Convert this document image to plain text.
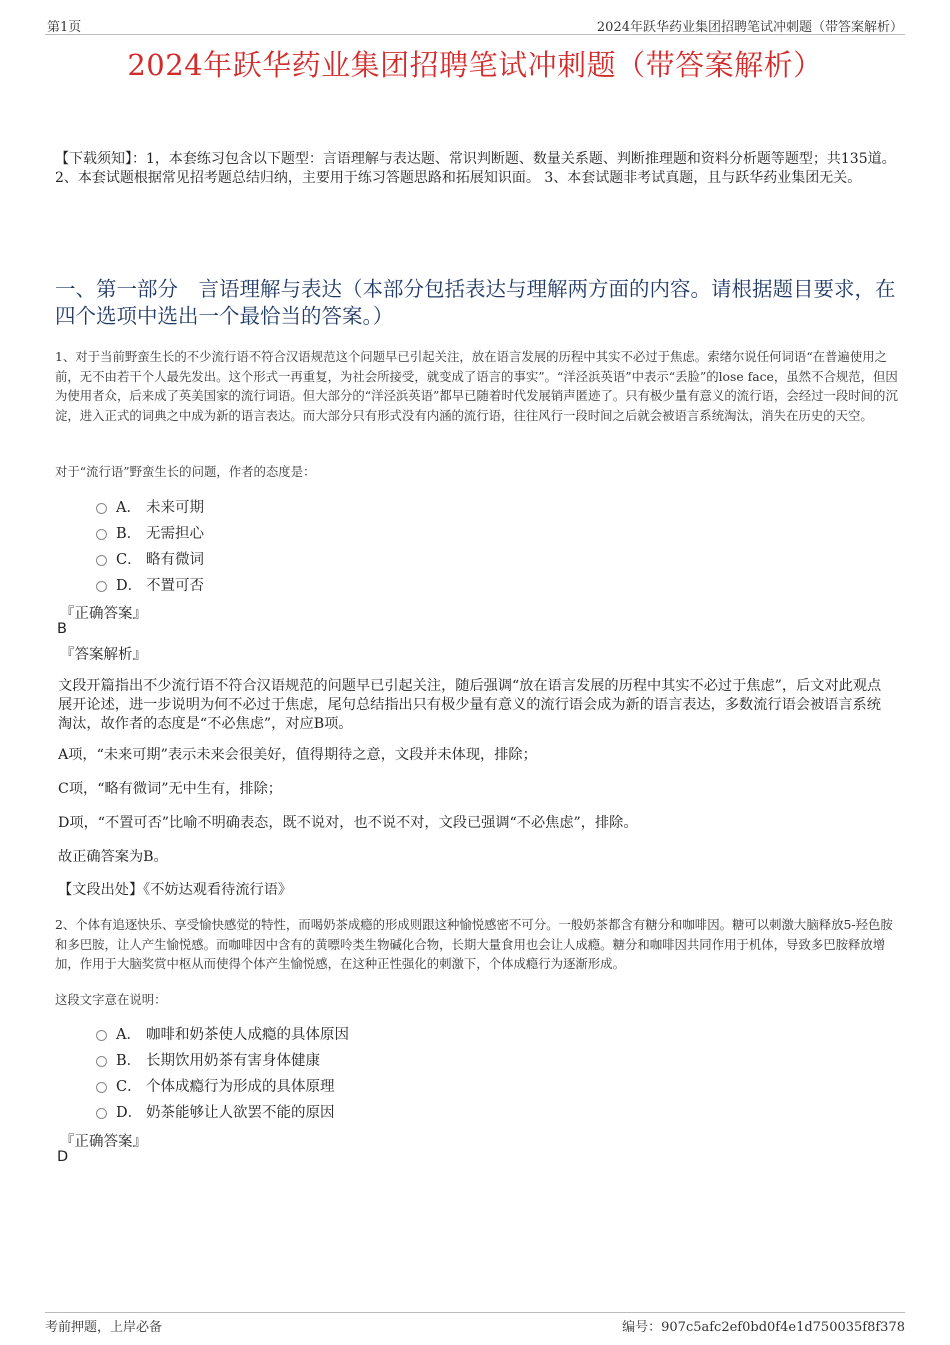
第1页	2024年跃华药业集团招聘笔试冲刺题（带答案解析）
2024年跃华药业集团招聘笔试冲刺题（带答案解析）
【下载须知】：1，本套练习包含以下题型：言语理解与表达题、常识判断题、数量关系题、判断推理题和资料分析题等题型；共135道。 2、本套试题根据常见招考题总结归纳，主要用于练习答题思路和拓展知识面。 3、本套试题非考试真题，且与跃华药业集团无关。
一、第一部分　言语理解与表达（本部分包括表达与理解两方面的内容。请根据题目要求，在四个选项中选出一个最恰当的答案。）
1、对于当前野蛮生长的不少流行语不符合汉语规范这个问题早已引起关注，放在语言发展的历程中其实不必过于焦虑。索绪尔说任何词语“在普遍使用之前，无不由若干个人最先发出。这个形式一再重复，为社会所接受，就变成了语言的事实”。“洋泾浜英语”中表示“丢脸”的lose face，虽然不合规范，但因为使用者众，后来成了英美国家的流行词语。但大部分的“洋泾浜英语”都早已随着时代发展销声匿迹了。只有极少量有意义的流行语，会经过一段时间的沉淀，进入正式的词典之中成为新的语言表达。而大部分只有形式没有内涵的流行语，往往风行一段时间之后就会被语言系统淘汰，消失在历史的天空。
对于“流行语”野蛮生长的问题，作者的态度是：
A． 未来可期
B． 无需担心
C． 略有微词
D． 不置可否
『正确答案』
B
『答案解析』
文段开篇指出不少流行语不符合汉语规范的问题早已引起关注，随后强调“放在语言发展的历程中其实不必过于焦虑”，后文对此观点展开论述，进一步说明为何不必过于焦虑，尾句总结指出只有极少量有意义的流行语会成为新的语言表达，多数流行语会被语言系统淘汰，故作者的态度是“不必焦虑”，对应B项。
A项，“未来可期”表示未来会很美好，值得期待之意，文段并未体现，排除；
C项，“略有微词”无中生有，排除；
D项，“不置可否”比喻不明确表态，既不说对，也不说不对，文段已强调“不必焦虑”，排除。
故正确答案为B。
【文段出处】《不妨达观看待流行语》
2、个体有追逐快乐、享受愉快感觉的特性，而喝奶茶成瘾的形成则跟这种愉悦感密不可分。一般奶茶都含有糖分和咖啡因。糖可以刺激大脑释放5-羟色胺和多巴胺，让人产生愉悦感。而咖啡因中含有的黄嘌呤类生物碱化合物，长期大量食用也会让人成瘾。糖分和咖啡因共同作用于机体，导致多巴胺释放增加，作用于大脑奖赏中枢从而使得个体产生愉悦感，在这种正性强化的刺激下，个体成瘾行为逐渐形成。
这段文字意在说明：
A． 咖啡和奶茶使人成瘾的具体原因
B． 长期饮用奶茶有害身体健康
C． 个体成瘾行为形成的具体原理
D． 奶茶能够让人欲罢不能的原因
『正确答案』
D
考前押题，上岸必备	编号：907c5afc2ef0bd0f4e1d750035f8f378
